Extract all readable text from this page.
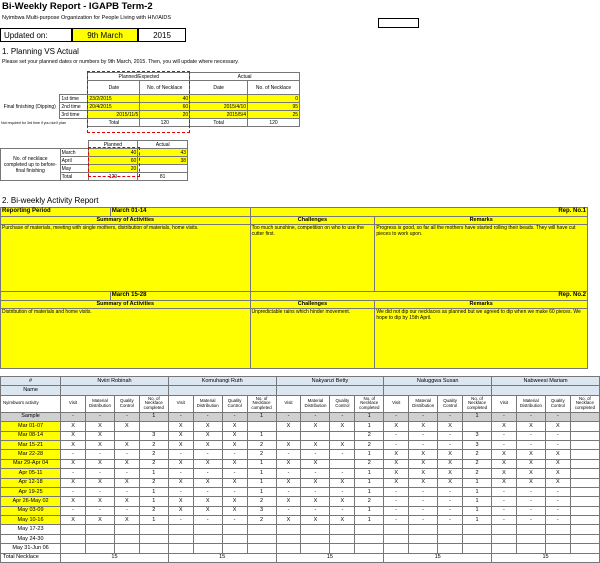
Bi-Weekly Report - IGAPB Term-2
Nyimbwa Multi-purpose Organization for People Living with HIV/AIDS
Updated on:	9th March	2015
1. Planning VS Actual
Please set your planned dates or numbers by 9th March, 2015. Then, you will update where necessary.
		Planned/Expected		Actual	
		Date	No. of Necklace	Date	No. of Necklace
Final finishing (Dipping)	1st time	23/2/2015	40		0
	2nd time	20/4/2015	60	2015/4/10	95
	3rd time	2015/11/5	20	2015/5/4	25
Not required for 3rd time if you don't plan		Total	120	Total	120
		Planned	Actual
No. of necklace completed up to before-final finishing	March	40	43
	April	60	38
	May	20	
	Total	120	81
2. Bi-weekly Activity Report
Reporting Period	March 01-14	Rep. No.1	
Summary of Activities		Challenges	Remarks
Purchase of materials, meeting with single mothers, distribution of materials, home visits.		Too much sunshine, competition on who to use the cutter first.	Progress is good, so far all the mothers have started rolling their beads. They will have cut pieces to work upon.
	March 15-28	Rep. No.2	
Summary of Activities		Challenges	Remarks
Distribution of materials and home visits.		Unpredictable rains which hinder movement.	We did not dip our necklaces as planned but we agreed to dip when we make 60 pieces. We hope to dip by 15th April.
#	Nviiri Robinah				Komuhangi Ruth				Nakyanzi Betty				Naluggwa Susan				Nabweesi Mariam			
Name																				
Nyimbwa's activity	Visit	Material Distribution	Quality Control	No. of Necklace completed	Visit	Material Distribution	Quality Control	No. of Necklace completed	Visit	Material Distribution	Quality Control	No. of Necklace completed	Visit	Material Distribution	Quality Control	No. of Necklace completed	Visit	Material Distribution	Quality Control	No. of Necklace completed
Sample	-	-	-	1	-	-	-	1	-	-	-	1	-	-	-	1	-	-	-	
Mar 01-07	X	X	X		X	X	X		X	X	X	1	X	X	X		X	X	X	
Mar 08-14	X	X		3	X	X	X	1				2	-	-	-	3	-	-	-	
Mar 15-21	X	X	X	2	X	X	X	2	X	X	X	2	-	-	-	3	-	-	-	
Mar 22-28	-	-	-	2	-	-	-	2	-	-	-	1	X	X	X	2	X	X	X	
Mar 29-Apr 04	X	X	X	2	X	X	X	1	X	X		2	X	X	X	2	X	X	X	
Apr 05-11	-	-	-	1	-	-	-	1	-	-	-	1	X	X	X	2	X	X	X	
Apr 12-18	X	X	X	2	X	X	X	1	X	X	X	1	X	X	X	1	X	X	X	
Apr 19-25	-	-	-	1	-	-	-	1	-	-	-	1	-	-	-	1	-	-	-	
Apr 26-May 02	X	X	X	1	X	X	X	2	X	X	X	2	-	-	-	1	-	-	-	
May 03-09	-	-	-	2	X	X	X	3	-	-	-	1	-	-	-	1	-	-	-	
May 10-16	X	X	X	1	-	-	-	2	X	X	X	1	-	-	-	1	-	-	-	
May 17-23																				
May 24-30																				
May 31-Jun 06																				
Total Necklace	15				15				15				15				15			
